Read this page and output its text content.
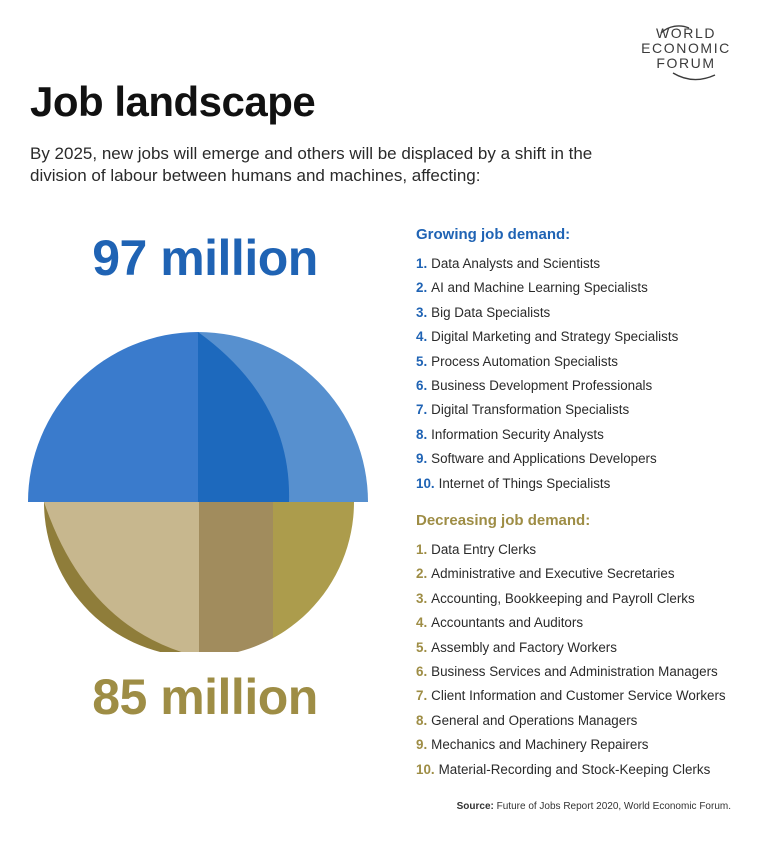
WORLD
ECONOMIC
FORUM
Job landscape

By 2025, new jobs will emerge and others will be displaced by a shift in the division of labour between humans and machines, affecting:

97 million
85 million
Growing job demand:
1. Data Analysts and Scientists
2. AI and Machine Learning Specialists
3. Big Data Specialists
4. Digital Marketing and Strategy Specialists
5. Process Automation Specialists
6. Business Development Professionals
7. Digital Transformation Specialists
8. Information Security Analysts
9. Software and Applications Developers
10. Internet of Things Specialists
Decreasing job demand:
1. Data Entry Clerks
2. Administrative and Executive Secretaries
3. Accounting, Bookkeeping and Payroll Clerks
4. Accountants and Auditors
5. Assembly and Factory Workers
6. Business Services and Administration Managers
7. Client Information and Customer Service Workers
8. General and Operations Managers
9. Mechanics and Machinery Repairers
10. Material-Recording and Stock-Keeping Clerks
Source: Future of Jobs Report 2020, World Economic Forum.
